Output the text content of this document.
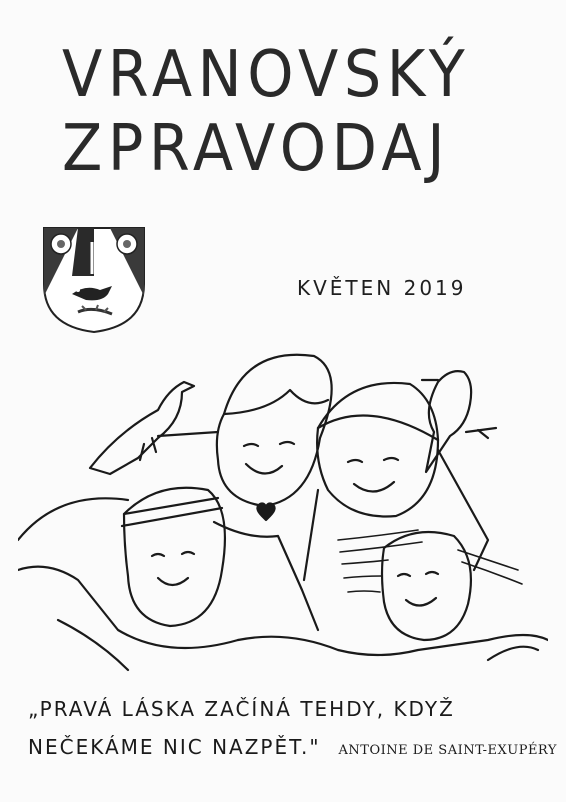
VRANOVSKÝ
ZPRAVODAJ
KVĚTEN 2019
„PRAVÁ LÁSKA ZAČÍNÁ TEHDY, KDYŽ
NEČEKÁME NIC NAZPĚT." ANTOINE DE SAINT-EXUPÉRY
